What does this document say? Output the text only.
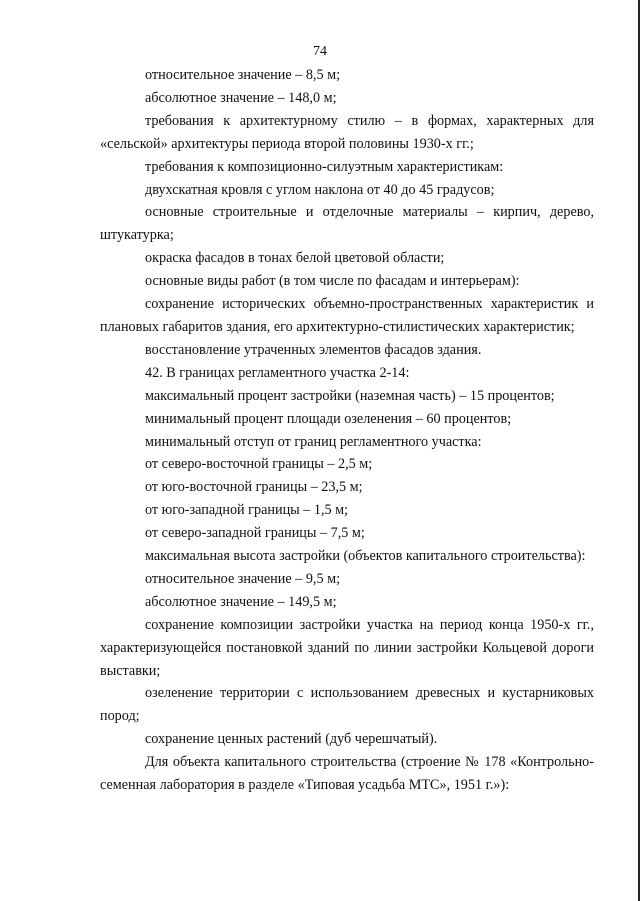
74

относительное значение – 8,5 м;

абсолютное значение – 148,0 м;

требования к архитектурному стилю – в формах, характерных для «сельской» архитектуры периода второй половины 1930-х гг.;

требования к композиционно-силуэтным характеристикам:

двухскатная кровля с углом наклона от 40 до 45 градусов;

основные строительные и отделочные материалы – кирпич, дерево, штукатурка;

окраска фасадов в тонах белой цветовой области;

основные виды работ (в том числе по фасадам и интерьерам):

сохранение исторических объемно-пространственных характеристик и плановых габаритов здания, его архитектурно-стилистических характеристик;

восстановление утраченных элементов фасадов здания.

42. В границах регламентного участка 2-14:

максимальный процент застройки (наземная часть) – 15 процентов;

минимальный процент площади озеленения – 60 процентов;

минимальный отступ от границ регламентного участка:

от северо-восточной границы – 2,5 м;

от юго-восточной границы – 23,5 м;

от юго-западной границы – 1,5 м;

от северо-западной границы – 7,5 м;

максимальная высота застройки (объектов капитального строительства):

относительное значение – 9,5 м;

абсолютное значение – 149,5 м;

сохранение композиции застройки участка на период конца 1950-х гг., характеризующейся постановкой зданий по линии застройки Кольцевой дороги выставки;

озеленение территории с использованием древесных и кустарниковых пород;

сохранение ценных растений (дуб черешчатый).

Для объекта капитального строительства (строение № 178 «Контрольно-семенная лаборатория в разделе «Типовая усадьба МТС», 1951 г.»):
